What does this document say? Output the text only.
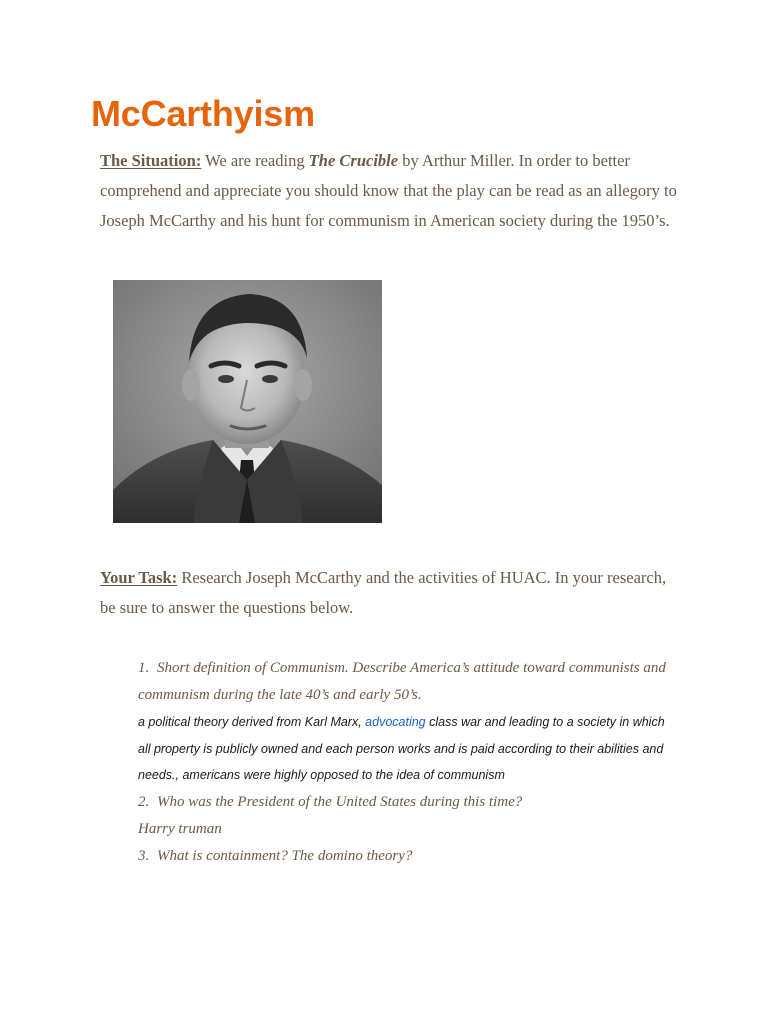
McCarthyism

The Situation: We are reading The Crucible by Arthur Miller. In order to better comprehend and appreciate you should know that the play can be read as an allegory to Joseph McCarthy and his hunt for communism in American society during the 1950’s.

Your Task: Research Joseph McCarthy and the activities of HUAC. In your research, be sure to answer the questions below.

1. Short definition of Communism. Describe America’s attitude toward communists and communism during the late 40’s and early 50’s.
a political theory derived from Karl Marx, advocating class war and leading to a society in which all property is publicly owned and each person works and is paid according to their abilities and needs., americans were highly opposed to the idea of communism
2. Who was the President of the United States during this time?
Harry truman
3. What is containment? The domino theory?
